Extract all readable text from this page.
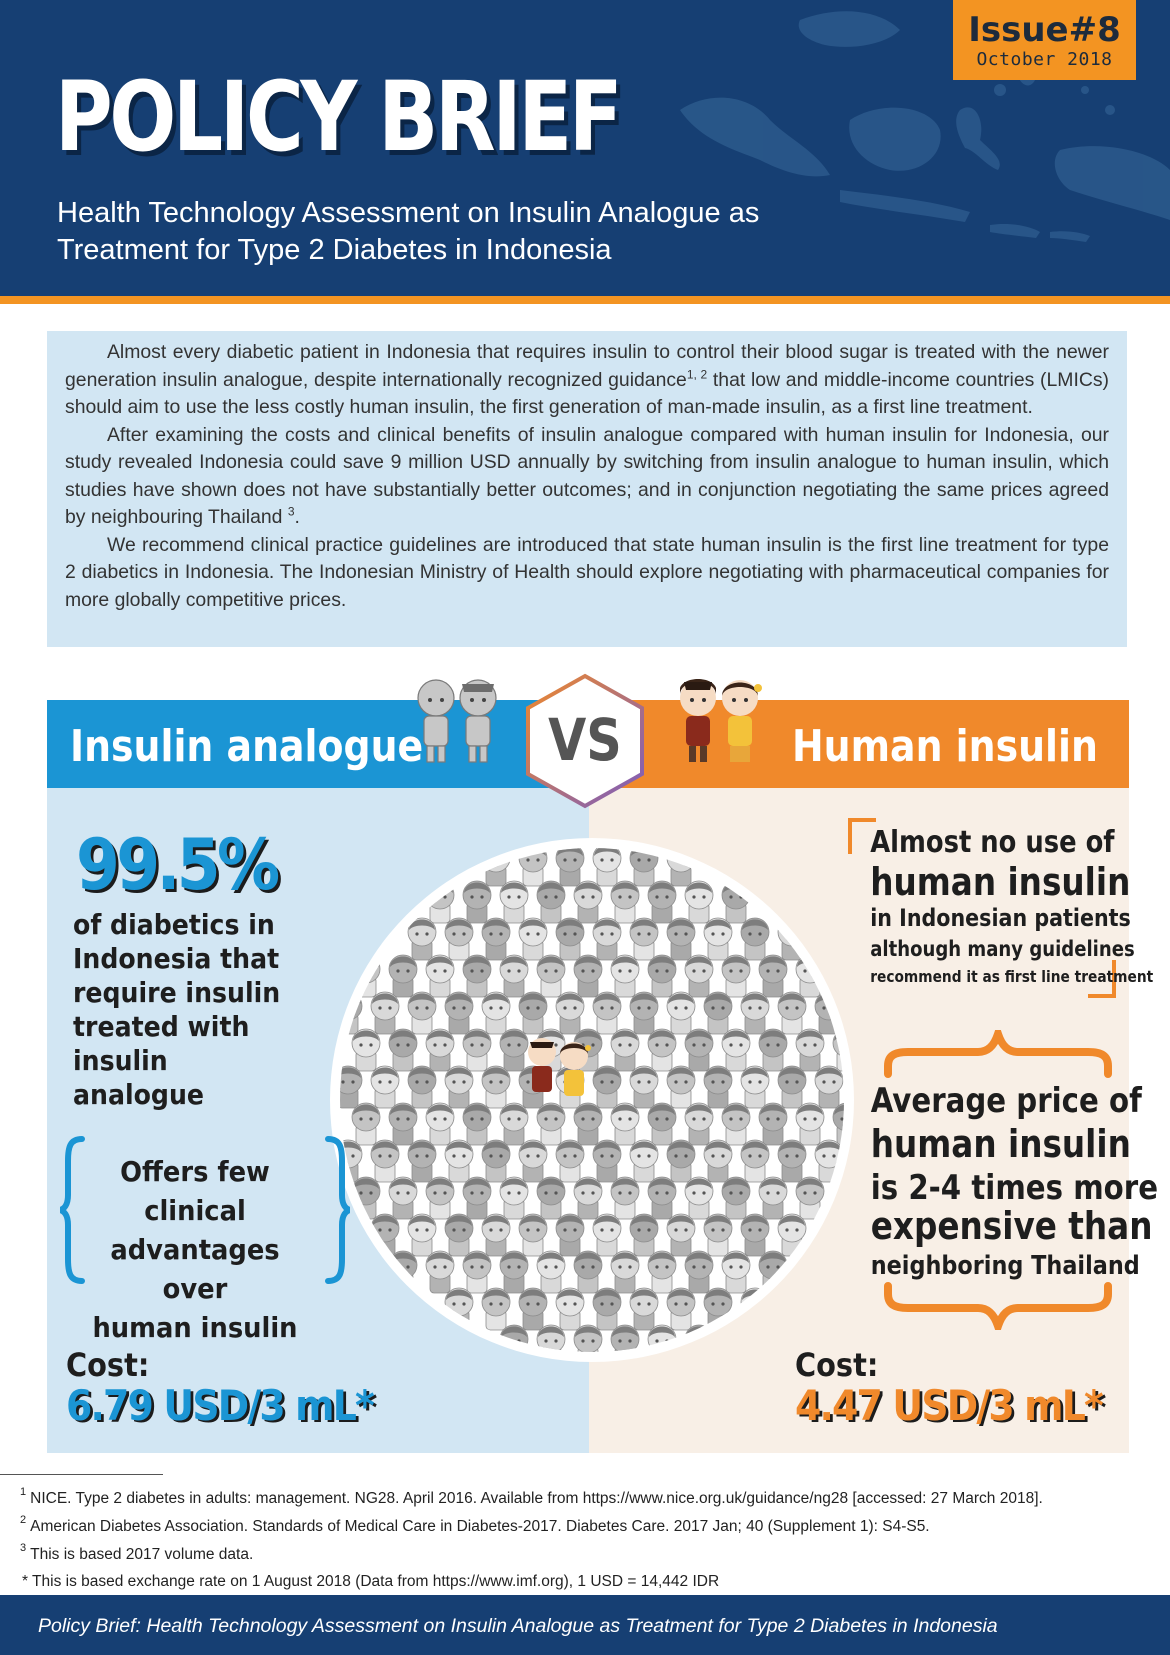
Issue#8
October 2018
POLICY BRIEF
Health Technology Assessment on Insulin Analogue as
Treatment for Type 2 Diabetes in Indonesia

Almost every diabetic patient in Indonesia that requires insulin to control their blood sugar is treated with the newer generation insulin analogue, despite internationally recognized guidance$^{1, 2}$ that low and middle-income countries (LMICs) should aim to use the less costly human insulin, the first generation of man-made insulin, as a first line treatment.

After examining the costs and clinical benefits of insulin analogue compared with human insulin for Indonesia, our study revealed Indonesia could save 9 million USD annually by switching from insulin analogue to human insulin, which studies have shown does not have substantially better outcomes; and in conjunction negotiating the same prices agreed by neighbouring Thailand $^3$.

We recommend clinical practice guidelines are introduced that state human insulin is the first line treatment for type 2 diabetics in Indonesia. The Indonesian Ministry of Health should explore negotiating with pharmaceutical companies for more globally competitive prices.

Insulin analogue	Human insulin
VS
99.5%
of diabetics in
Indonesia that
require insulin
treated with
insulin analogue
Offers few clinical
advantages over
human insulin
Cost:
6.79 USD/3 mL*
Almost no use of
human insulin
in Indonesian patients
although many guidelines
recommend it as first line treatment
Average price of
human insulin
is 2-4 times more
expensive than
neighboring Thailand
Cost:
4.47 USD/3 mL*
$^1$ NICE. Type 2 diabetes in adults: management. NG28. April 2016. Available from https://www.nice.org.uk/guidance/ng28 [accessed: 27 March 2018].
$^2$ American Diabetes Association. Standards of Medical Care in Diabetes-2017. Diabetes Care. 2017 Jan; 40 (Supplement 1): S4-S5.
$^3$ This is based 2017 volume data.
* This is based exchange rate on 1 August 2018 (Data from https://www.imf.org), 1 USD = 14,442 IDR
Policy Brief: Health Technology Assessment on Insulin Analogue as Treatment for Type 2 Diabetes in Indonesia
